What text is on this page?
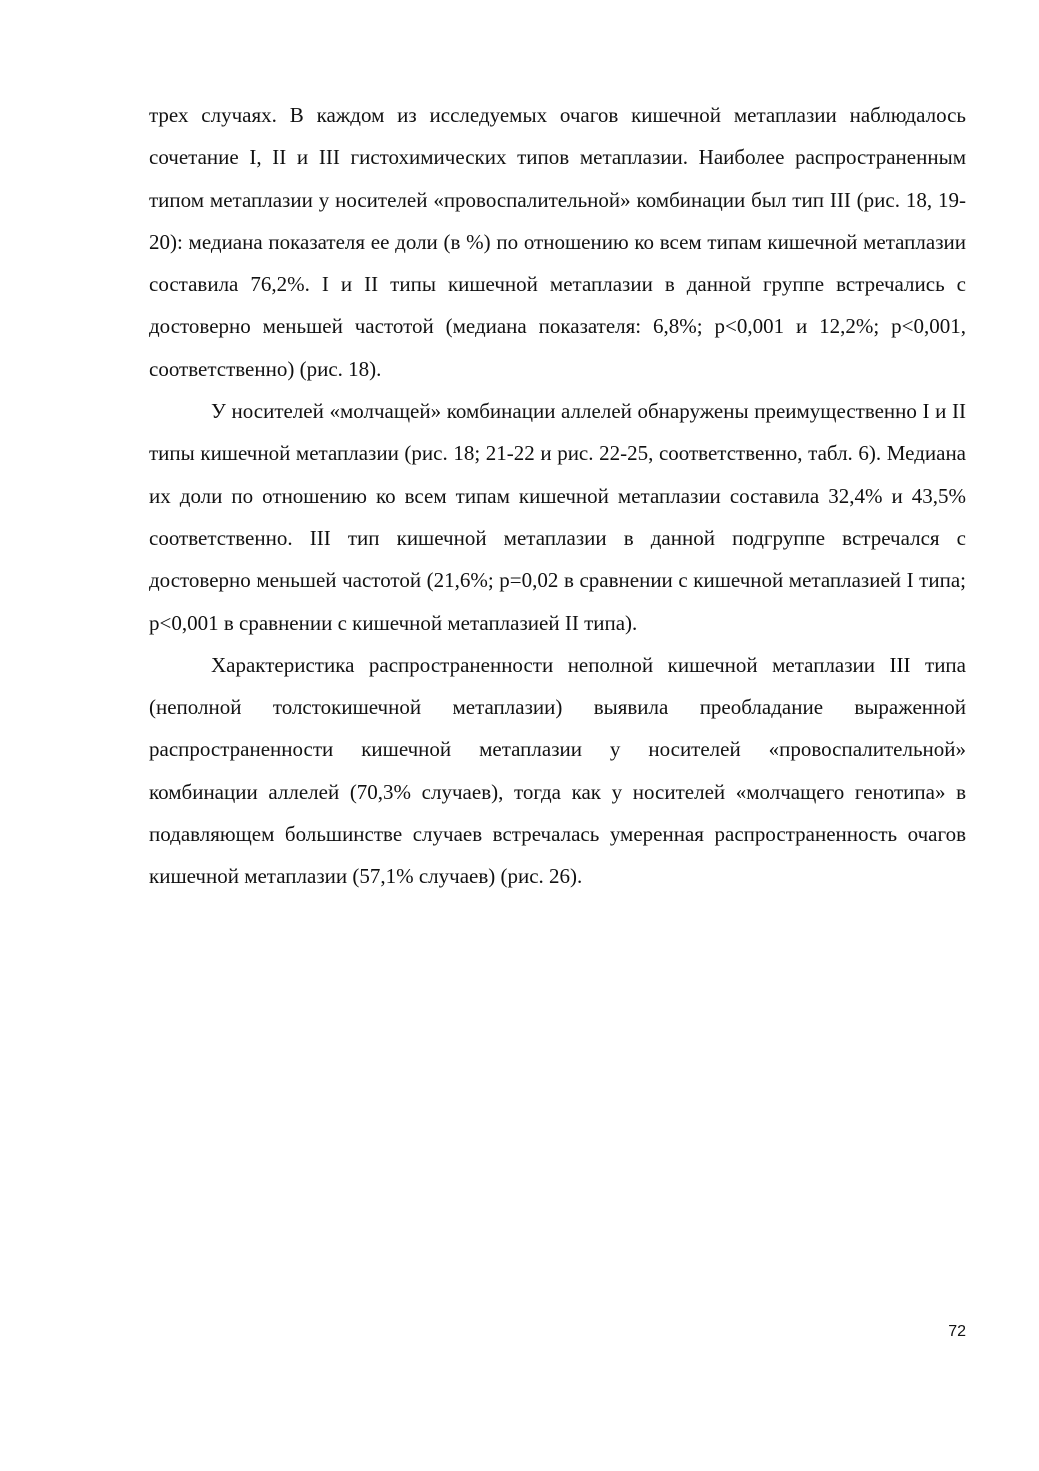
трех случаях. В каждом из исследуемых очагов кишечной метаплазии наблюдалось сочетание I, II и III гистохимических типов метаплазии. Наиболее распространенным типом метаплазии у носителей «провоспалительной» комбинации был тип III (рис. 18, 19-20): медиана показателя ее доли (в %) по отношению ко всем типам кишечной метаплазии составила 76,2%. I и II типы кишечной метаплазии в данной группе встречались с достоверно меньшей частотой (медиана показателя: 6,8%; p<0,001 и 12,2%; p<0,001, соответственно) (рис. 18).

У носителей «молчащей» комбинации аллелей обнаружены преимущественно I и II типы кишечной метаплазии (рис. 18; 21-22 и рис. 22-25, соответственно, табл. 6). Медиана их доли по отношению ко всем типам кишечной метаплазии составила 32,4% и 43,5% соответственно. III тип кишечной метаплазии в данной подгруппе встречался с достоверно меньшей частотой (21,6%; p=0,02 в сравнении с кишечной метаплазией I типа; p<0,001 в сравнении с кишечной метаплазией II типа).

Характеристика распространенности неполной кишечной метаплазии III типа (неполной толстокишечной метаплазии) выявила преобладание выраженной распространенности кишечной метаплазии у носителей «провоспалительной» комбинации аллелей (70,3% случаев), тогда как у носителей «молчащего генотипа» в подавляющем большинстве случаев встречалась умеренная распространенность очагов кишечной метаплазии (57,1% случаев) (рис. 26).

72
